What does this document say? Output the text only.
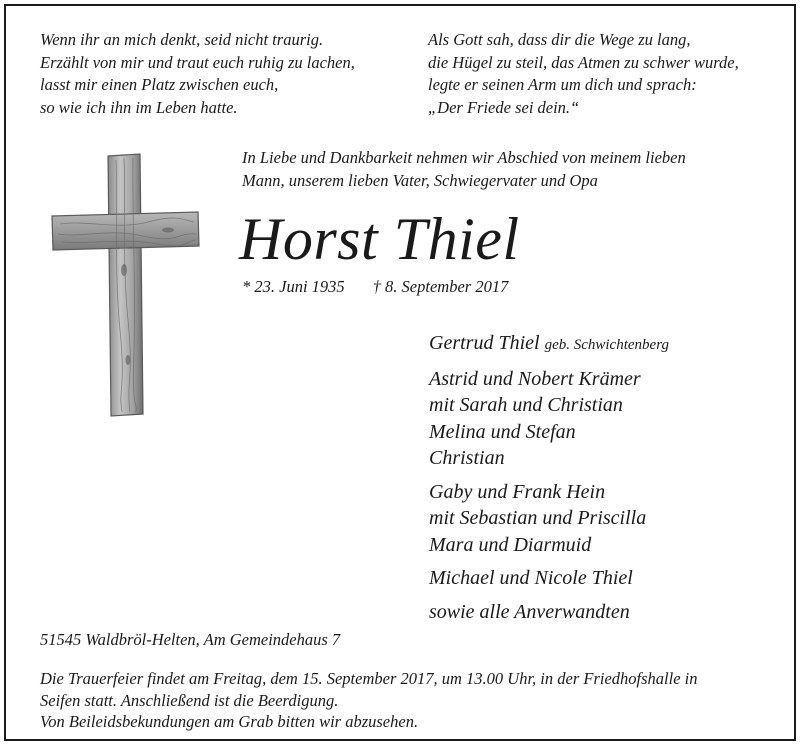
Wenn ihr an mich denkt, seid nicht traurig.
Erzählt von mir und traut euch ruhig zu lachen,
lasst mir einen Platz zwischen euch,
so wie ich ihn im Leben hatte.
Als Gott sah, dass dir die Wege zu lang,
die Hügel zu steil, das Atmen zu schwer wurde,
legte er seinen Arm um dich und sprach:
„Der Friede sei dein.“
In Liebe und Dankbarkeit nehmen wir Abschied von meinem lieben
Mann, unserem lieben Vater, Schwiegervater und Opa
Horst Thiel
* 23. Juni 1935 † 8. September 2017
Gertrud Thiel geb. Schwichtenberg
Astrid und Nobert Krämer
mit Sarah und Christian
Melina und Stefan
Christian
Gaby und Frank Hein
mit Sebastian und Priscilla
Mara und Diarmuid
Michael und Nicole Thiel
sowie alle Anverwandten
51545 Waldbröl-Helten, Am Gemeindehaus 7
Die Trauerfeier findet am Freitag, dem 15. September 2017, um 13.00 Uhr, in der Friedhofshalle in
Seifen statt. Anschließend ist die Beerdigung.
Von Beileidsbekundungen am Grab bitten wir abzusehen.
